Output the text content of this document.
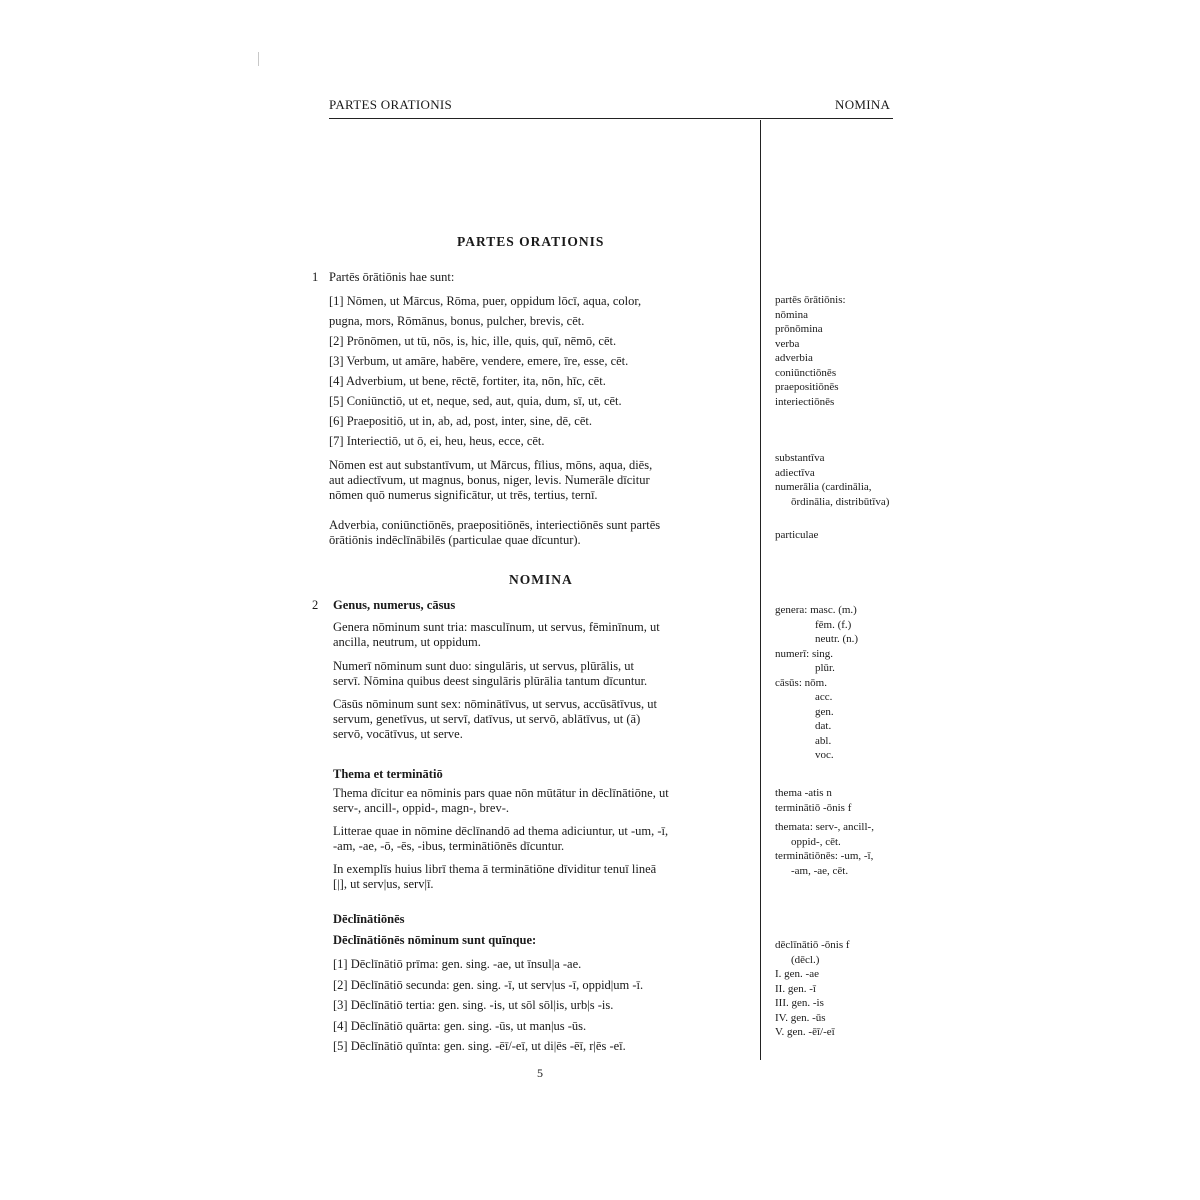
PARTES ORATIONIS	NOMINA
PARTES ORATIONIS
1 Partēs ōrātiōnis hae sunt:
[1] Nōmen, ut Mārcus, Rōma, puer, oppidum lōcī, aqua, color,
pugna, mors, Rōmānus, bonus, pulcher, brevis, cēt.
[2] Prōnōmen, ut tū, nōs, is, hic, ille, quis, quī, nēmō, cēt.
[3] Verbum, ut amāre, habēre, vendere, emere, īre, esse, cēt.
[4] Adverbium, ut bene, rēctē, fortiter, ita, nōn, hīc, cēt.
[5] Coniūnctiō, ut et, neque, sed, aut, quia, dum, sī, ut, cēt.
[6] Praepositiō, ut in, ab, ad, post, inter, sine, dē, cēt.
[7] Interiectiō, ut ō, ei, heu, heus, ecce, cēt.
Nōmen est aut substantīvum, ut Mārcus, fīlius, mōns, aqua, diēs,
aut adiectīvum, ut magnus, bonus, niger, levis. Numerāle dīcitur
nōmen quō numerus significātur, ut trēs, tertius, ternī.
Adverbia, coniūnctiōnēs, praepositiōnēs, interiectiōnēs sunt partēs
ōrātiōnis indēclīnābilēs (particulae quae dīcuntur).
partēs ōrātiōnis:
nōmina
prōnōmina
verba
adverbia
coniūnctiōnēs
praepositiōnēs
interiectiōnēs
substantīva
adiectīva
numerālia (cardinālia,
ōrdinālia, distribūtīva)
particulae
NOMINA
2 Genus, numerus, cāsus
Genera nōminum sunt tria: masculīnum, ut servus, fēminīnum, ut
ancilla, neutrum, ut oppidum.
Numerī nōminum sunt duo: singulāris, ut servus, plūrālis, ut
servī. Nōmina quibus deest singulāris plūrālia tantum dīcuntur.
Cāsūs nōminum sunt sex: nōminātīvus, ut servus, accūsātīvus, ut
servum, genetīvus, ut servī, datīvus, ut servō, ablātīvus, ut (ā)
servō, vocātīvus, ut serve.
genera: masc. (m.)
fēm. (f.)
neutr. (n.)
numerī: sing.
plūr.
cāsūs: nōm.
acc.
gen.
dat.
abl.
voc.
Thema et terminātiō
Thema dīcitur ea nōminis pars quae nōn mūtātur in dēclīnātiōne, ut
serv-, ancill-, oppid-, magn-, brev-.
Litterae quae in nōmine dēclīnandō ad thema adiciuntur, ut -um, -ī,
-am, -ae, -ō, -ēs, -ibus, terminātiōnēs dīcuntur.
In exemplīs huius librī thema ā terminātiōne dīviditur tenuī lineā
[|], ut serv|us, serv|ī.
thema -atis n
terminātiō -ōnis f
themata: serv-, ancill-,
oppid-, cēt.
terminātiōnēs: -um, -ī,
-am, -ae, cēt.
Dēclīnātiōnēs
Dēclīnātiōnēs nōminum sunt quīnque:
[1] Dēclīnātiō prīma: gen. sing. -ae, ut īnsul|a -ae.
[2] Dēclīnātiō secunda: gen. sing. -ī, ut serv|us -ī, oppid|um -ī.
[3] Dēclīnātiō tertia: gen. sing. -is, ut sōl sōl|is, urb|s -is.
[4] Dēclīnātiō quārta: gen. sing. -ūs, ut man|us -ūs.
[5] Dēclīnātiō quīnta: gen. sing. -ēī/-eī, ut di|ēs -ēī, r|ēs -eī.
dēclīnātiō -ōnis f
(dēcl.)
I. gen. -ae
II. gen. -ī
III. gen. -is
IV. gen. -ūs
V. gen. -ēī/-eī
5
